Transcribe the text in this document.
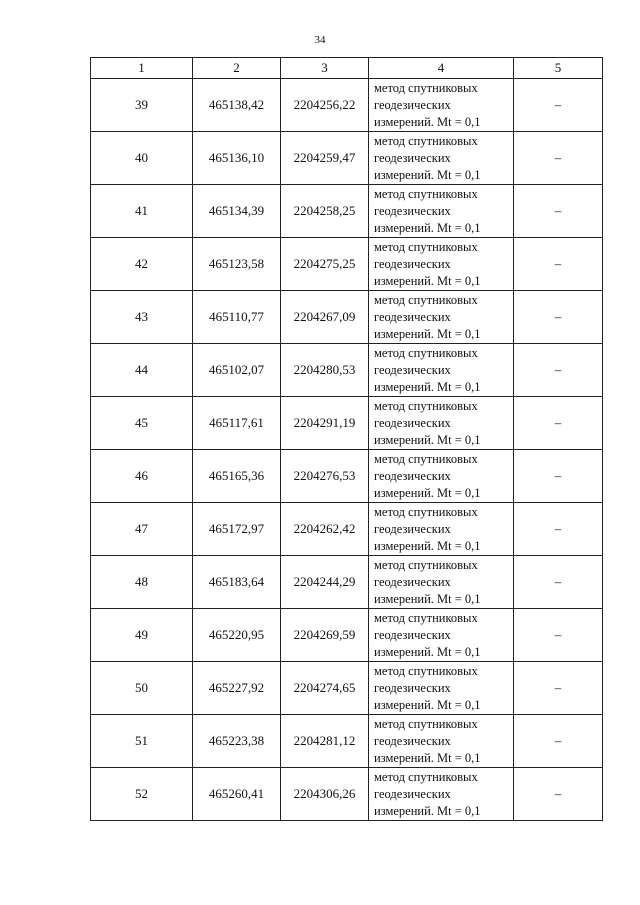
34
1	2	3	4	5
39	465138,42	2204256,22	метод спутниковых
геодезических
измерений. Mt = 0,1	–
40	465136,10	2204259,47	метод спутниковых
геодезических
измерений. Mt = 0,1	–
41	465134,39	2204258,25	метод спутниковых
геодезических
измерений. Mt = 0,1	–
42	465123,58	2204275,25	метод спутниковых
геодезических
измерений. Mt = 0,1	–
43	465110,77	2204267,09	метод спутниковых
геодезических
измерений. Mt = 0,1	–
44	465102,07	2204280,53	метод спутниковых
геодезических
измерений. Mt = 0,1	–
45	465117,61	2204291,19	метод спутниковых
геодезических
измерений. Mt = 0,1	–
46	465165,36	2204276,53	метод спутниковых
геодезических
измерений. Mt = 0,1	–
47	465172,97	2204262,42	метод спутниковых
геодезических
измерений. Mt = 0,1	–
48	465183,64	2204244,29	метод спутниковых
геодезических
измерений. Mt = 0,1	–
49	465220,95	2204269,59	метод спутниковых
геодезических
измерений. Mt = 0,1	–
50	465227,92	2204274,65	метод спутниковых
геодезических
измерений. Mt = 0,1	–
51	465223,38	2204281,12	метод спутниковых
геодезических
измерений. Mt = 0,1	–
52	465260,41	2204306,26	метод спутниковых
геодезических
измерений. Mt = 0,1	–
